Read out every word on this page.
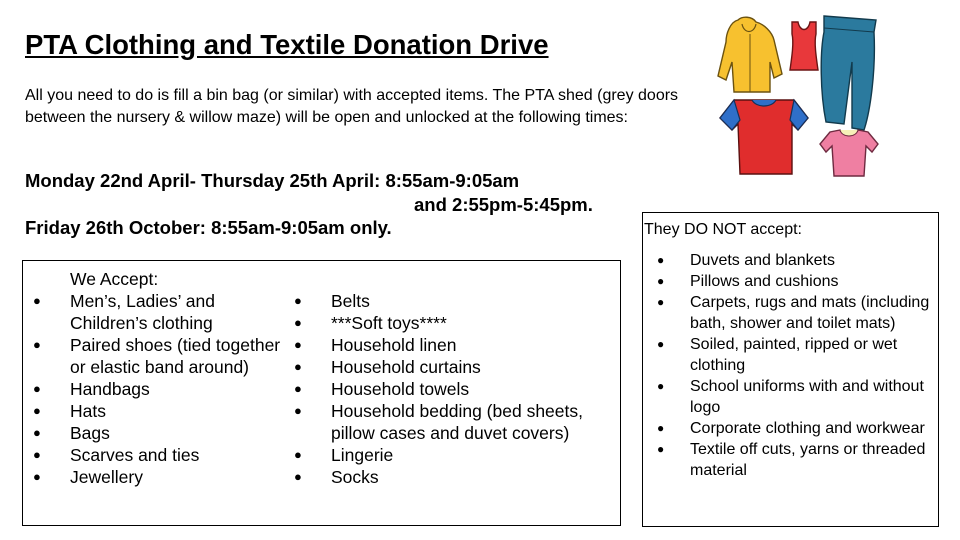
PTA Clothing and Textile Donation Drive

All you need to do is fill a bin bag (or similar) with accepted items. The PTA shed (grey doors between the nursery & willow maze) will be open and unlocked at the following times:

Monday 22nd April- Thursday 25th April: 8:55am-9:05am

and 2:55pm-5:45pm.

Friday 26th October: 8:55am-9:05am only.

We Accept:

● Men’s, Ladies’ and Children’s clothing
● Paired shoes (tied together or elastic band around)
● Handbags
● Hats
● Bags
● Scarves and ties
● Jewellery
● Belts
● ***Soft toys****
● Household linen
● Household curtains
● Household towels
● Household bedding (bed sheets, pillow cases and duvet covers)
● Lingerie
● Socks

They DO NOT accept:

● Duvets and blankets
● Pillows and cushions
● Carpets, rugs and mats (including bath, shower and toilet mats)
● Soiled, painted, ripped or wet clothing
● School uniforms with and without logo
● Corporate clothing and workwear
● Textile off cuts, yarns or threaded material
